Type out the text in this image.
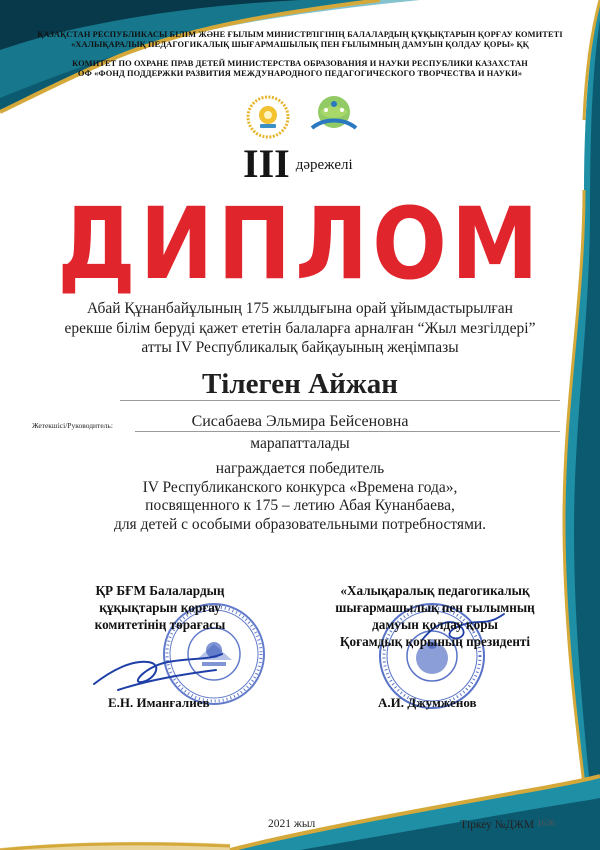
ҚАЗАҚСТАН РЕСПУБЛИКАСЫ БІЛІМ ЖӘНЕ ҒЫЛЫМ МИНИСТРЛІГІНІҢ БАЛАЛАРДЫҢ ҚҰҚЫҚТАРЫН ҚОРҒАУ КОМИТЕТІ
«ХАЛЫҚАРАЛЫҚ ПЕДАГОГИКАЛЫҚ ШЫҒАРМАШЫЛЫҚ ПЕН ҒЫЛЫМНЫҢ ДАМУЫН ҚОЛДАУ ҚОРЫ» ҚҚ
КОМИТЕТ ПО ОХРАНЕ ПРАВ ДЕТЕЙ МИНИСТЕРСТВА ОБРАЗОВАНИЯ И НАУКИ РЕСПУБЛИКИ КАЗАХСТАН
ОФ «ФОНД ПОДДЕРЖКИ РАЗВИТИЯ МЕЖДУНАРОДНОГО ПЕДАГОГИЧЕСКОГО ТВОРЧЕСТВА И НАУКИ»
III дәрежелі
ДИПЛОМ
Абай Құнанбайұлының 175 жылдығына орай ұйымдастырылған
ерекше білім беруді қажет ететін балаларға арналған “Жыл мезгілдері”
атты IV Республикалық байқауының жеңімпазы
Тілеген Айжан
Жетекшісі/Руководитель:	Сисабаева Эльмира Бейсеновна
марапатталады
награждается победитель
IV Республиканского конкурса «Времена года»,
посвященного к 175 – летию Абая Кунанбаева,
для детей с особыми образовательными потребностями.
ҚР БҒМ Балалардың
құқықтарын қорғау
комитетінің төрағасы
«Халықаралық педагогикалық
шығармашылық пен ғылымның
дамуын қолдау қоры
Қоғамдық қорының президенті
Е.Н. Иманғалиев	А.И. Джумженов
2021 жыл	Тіркеу №ДЖМ 1636
